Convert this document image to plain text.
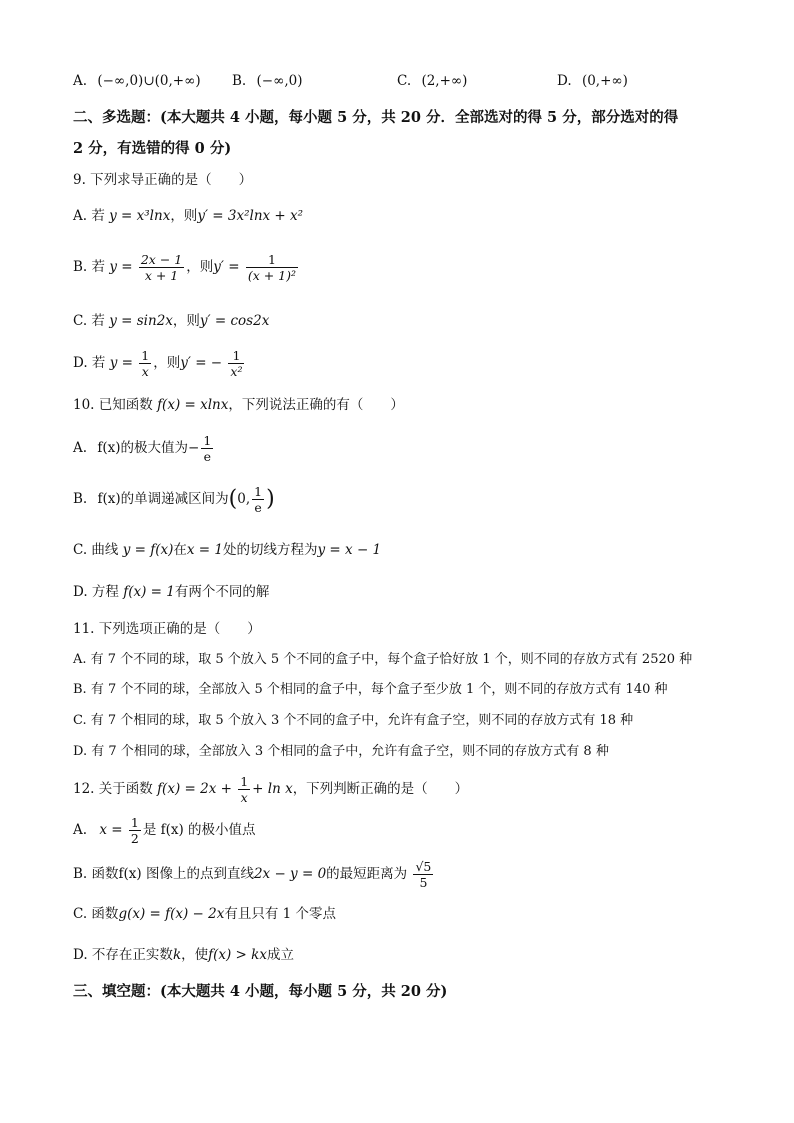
A. (−∞,0)∪(0,+∞) B. (−∞,0)	C. (2,+∞)	D. (0,+∞)
二、多选题：(本大题共 4 小题，每小题 5 分，共 20 分．全部选对的得 5 分，部分选对的得
2 分，有选错的得 0 分)
9. 下列求导正确的是（　　）
A. 若 y = x³lnx，则y′ = 3x²lnx + x²
B. 若 $y = \frac{2x - 1}{x + 1}$ ，则$y' = \frac{1}{\text{(x + 1)²}}$
C. 若 y = sin2x，则y′ = cos2x
D. 若 $y = \frac{1}{x}$ ，则y′ = − $\frac{1}{\text{x²}}$
10. 已知函数 f(x) = xlnx，下列说法正确的有（　　）
A. f(x)的极大值为− $\frac{1}{e}$
B. f(x)的单调递减区间为(0, $\frac{1}{e}$ )
C. 曲线 y = f(x)在x = 1处的切线方程为y = x − 1
D. 方程 f(x) = 1有两个不同的解
11. 下列选项正确的是（　　）
A. 有 7 个不同的球，取 5 个放入 5 个不同的盒子中，每个盒子恰好放 1 个，则不同的存放方式有 2520 种
B. 有 7 个不同的球，全部放入 5 个相同的盒子中，每个盒子至少放 1 个，则不同的存放方式有 140 种
C. 有 7 个相同的球，取 5 个放入 3 个不同的盒子中，允许有盒子空，则不同的存放方式有 18 种
D. 有 7 个相同的球，全部放入 3 个相同的盒子中，允许有盒子空，则不同的存放方式有 8 种
12. 关于函数 $f(x) = 2x + \frac{1}{x} + \ln x$，下列判断正确的是（　　）
A. $x = \frac{1}{2}$ 是 f(x) 的极小值点
B. 函数f(x) 图像上的点到直线2x − y = 0的最短距离为 $\frac{√5}{5}$
C. 函数g(x) = f(x) − 2x有且只有 1 个零点
D. 不存在正实数k，使f(x) > kx成立
三、填空题：(本大题共 4 小题，每小题 5 分，共 20 分)
